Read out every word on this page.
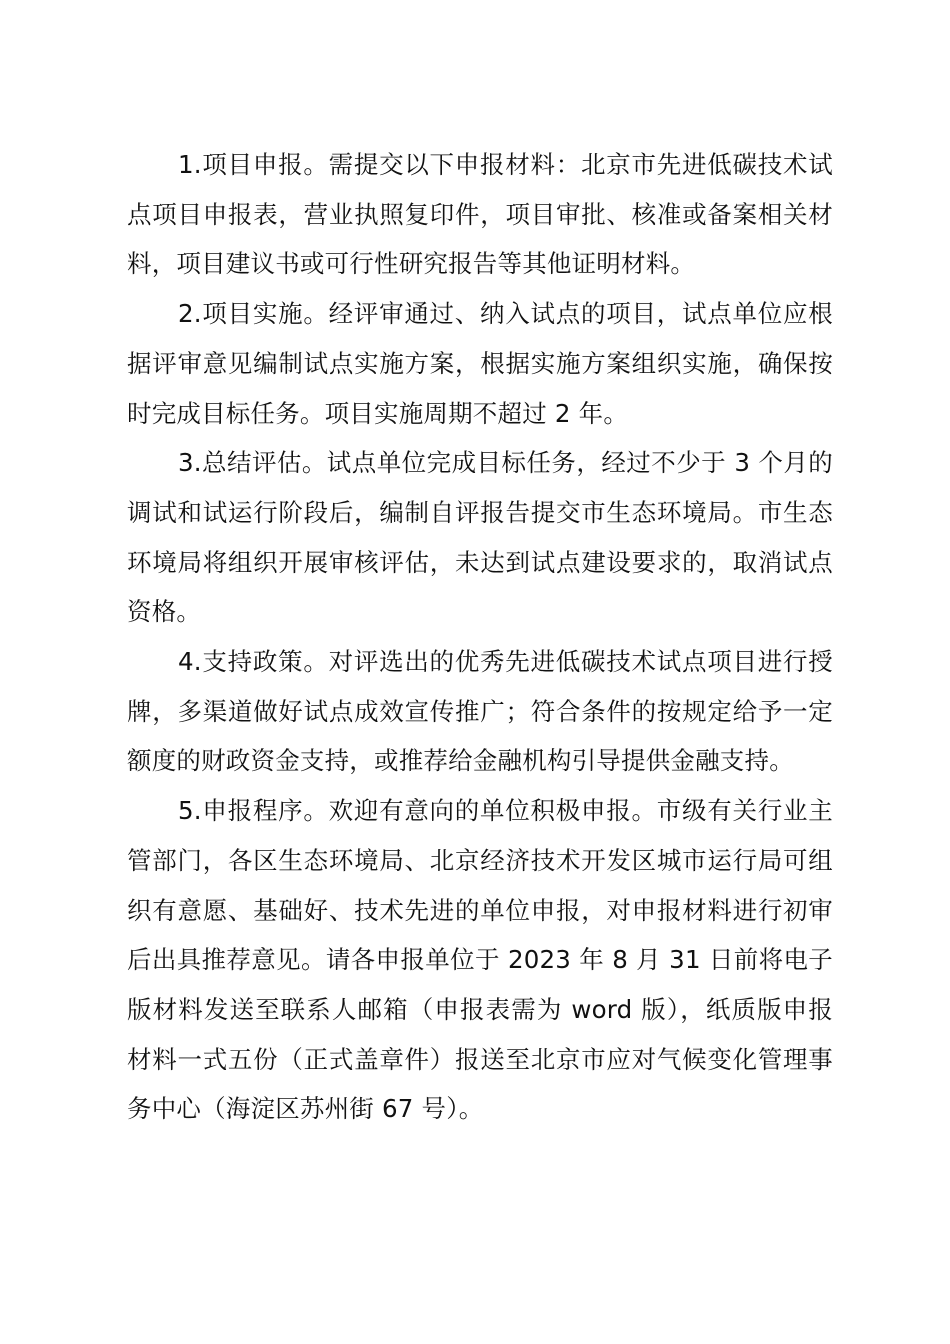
1.项目申报。需提交以下申报材料：北京市先进低碳技术试点项目申报表，营业执照复印件，项目审批、核准或备案相关材料，项目建议书或可行性研究报告等其他证明材料。

2.项目实施。经评审通过、纳入试点的项目，试点单位应根据评审意见编制试点实施方案，根据实施方案组织实施，确保按时完成目标任务。项目实施周期不超过 2 年。

3.总结评估。试点单位完成目标任务，经过不少于 3 个月的调试和试运行阶段后，编制自评报告提交市生态环境局。市生态环境局将组织开展审核评估，未达到试点建设要求的，取消试点资格。

4.支持政策。对评选出的优秀先进低碳技术试点项目进行授牌，多渠道做好试点成效宣传推广；符合条件的按规定给予一定额度的财政资金支持，或推荐给金融机构引导提供金融支持。

5.申报程序。欢迎有意向的单位积极申报。市级有关行业主管部门，各区生态环境局、北京经济技术开发区城市运行局可组织有意愿、基础好、技术先进的单位申报，对申报材料进行初审后出具推荐意见。请各申报单位于 2023 年 8 月 31 日前将电子版材料发送至联系人邮箱（申报表需为 word 版），纸质版申报材料一式五份（正式盖章件）报送至北京市应对气候变化管理事务中心（海淀区苏州街 67 号）。
